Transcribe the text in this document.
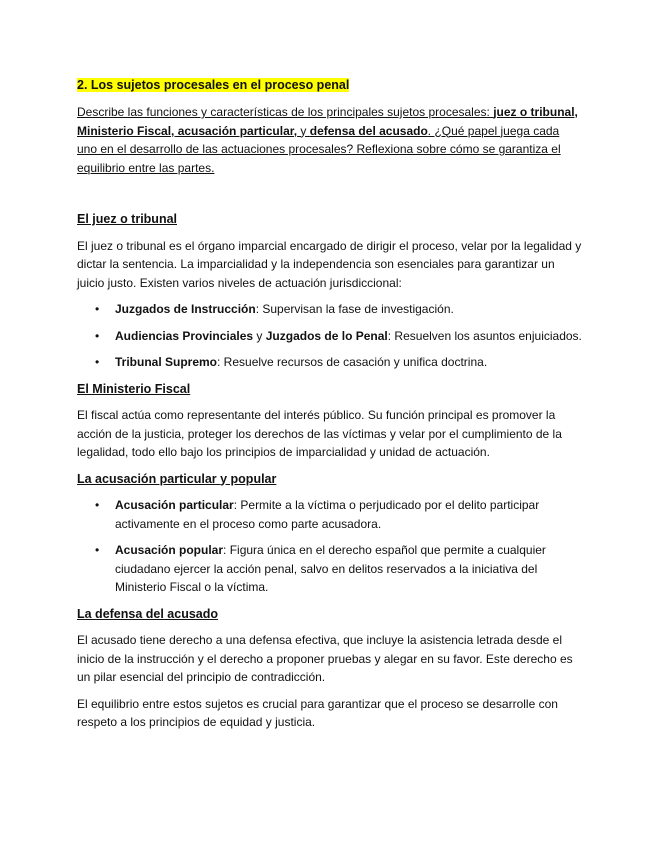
2. Los sujetos procesales en el proceso penal

Describe las funciones y características de los principales sujetos procesales: juez o tribunal, Ministerio Fiscal, acusación particular, y defensa del acusado. ¿Qué papel juega cada uno en el desarrollo de las actuaciones procesales? Reflexiona sobre cómo se garantiza el equilibrio entre las partes.

El juez o tribunal

El juez o tribunal es el órgano imparcial encargado de dirigir el proceso, velar por la legalidad y dictar la sentencia. La imparcialidad y la independencia son esenciales para garantizar un juicio justo. Existen varios niveles de actuación jurisdiccional:

• Juzgados de Instrucción: Supervisan la fase de investigación.
• Audiencias Provinciales y Juzgados de lo Penal: Resuelven los asuntos enjuiciados.
• Tribunal Supremo: Resuelve recursos de casación y unifica doctrina.
El Ministerio Fiscal

El fiscal actúa como representante del interés público. Su función principal es promover la acción de la justicia, proteger los derechos de las víctimas y velar por el cumplimiento de la legalidad, todo ello bajo los principios de imparcialidad y unidad de actuación.

La acusación particular y popular
• Acusación particular: Permite a la víctima o perjudicado por el delito participar activamente en el proceso como parte acusadora.
• Acusación popular: Figura única en el derecho español que permite a cualquier ciudadano ejercer la acción penal, salvo en delitos reservados a la iniciativa del Ministerio Fiscal o la víctima.
La defensa del acusado

El acusado tiene derecho a una defensa efectiva, que incluye la asistencia letrada desde el inicio de la instrucción y el derecho a proponer pruebas y alegar en su favor. Este derecho es un pilar esencial del principio de contradicción.

El equilibrio entre estos sujetos es crucial para garantizar que el proceso se desarrolle con respeto a los principios de equidad y justicia.
